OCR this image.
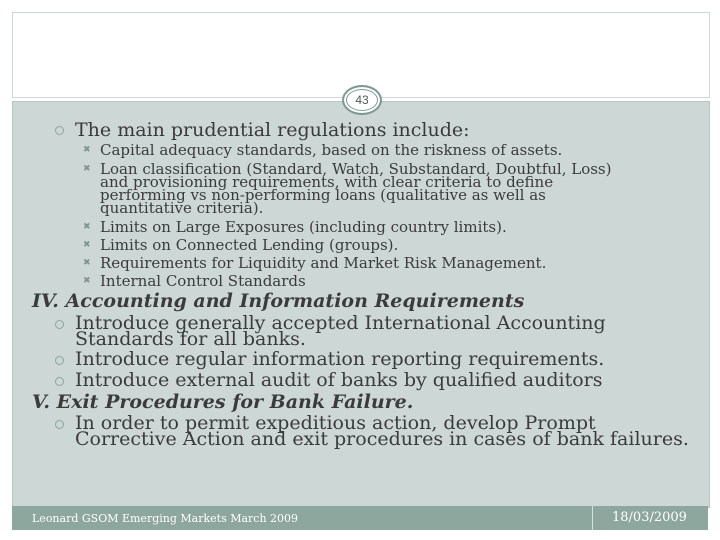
43
The main prudential regulations include:
✖ Capital adequacy standards, based on the riskness of assets.
✖ Loan classification (Standard, Watch, Substandard, Doubtful, Loss)
and provisioning requirements, with clear criteria to define
performing vs non-performing loans (qualitative as well as
quantitative criteria).
✖ Limits on Large Exposures (including country limits).
✖ Limits on Connected Lending (groups).
✖ Requirements for Liquidity and Market Risk Management.
✖ Internal Control Standards
IV. Accounting and Information Requirements
Introduce generally accepted International Accounting
Standards for all banks.
Introduce regular information reporting requirements.
Introduce external audit of banks by qualified auditors
V. Exit Procedures for Bank Failure.
In order to permit expeditious action, develop Prompt
Corrective Action and exit procedures in cases of bank failures.
Leonard GSOM Emerging Markets March 2009	18/03/2009
